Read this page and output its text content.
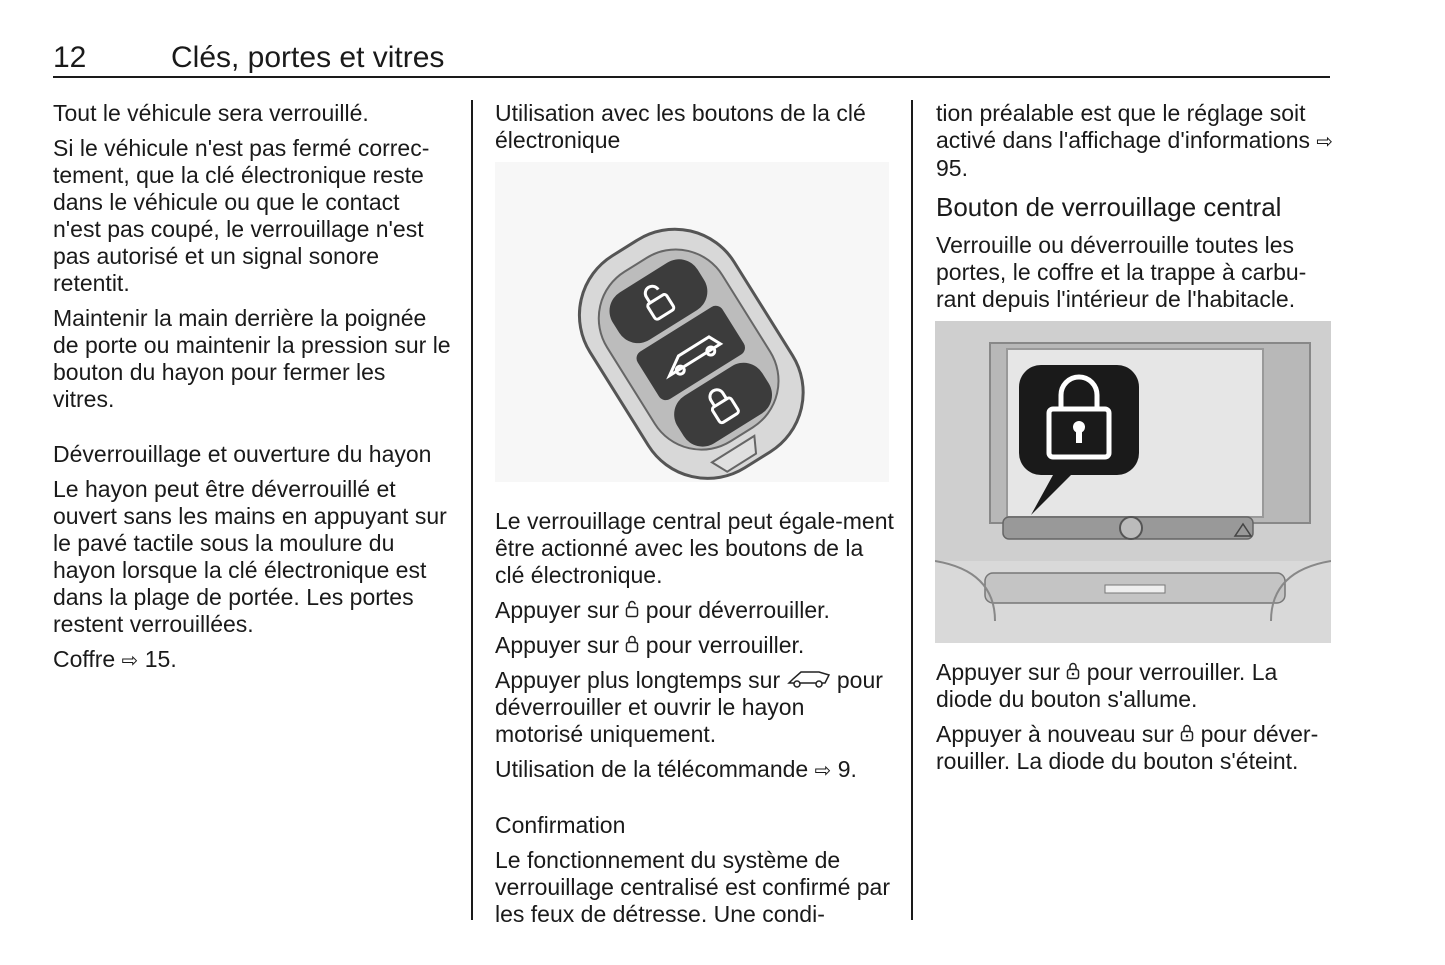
12	Clés, portes et vitres

Tout le véhicule sera verrouillé.

Si le véhicule n'est pas fermé correc-tement, que la clé électronique reste dans le véhicule ou que le contact n'est pas coupé, le verrouillage n'est pas autorisé et un signal sonore retentit.

Maintenir la main derrière la poignée de porte ou maintenir la pression sur le bouton du hayon pour fermer les vitres.

Déverrouillage et ouverture du hayon

Le hayon peut être déverrouillé et ouvert sans les mains en appuyant sur le pavé tactile sous la moulure du hayon lorsque la clé électronique est dans la plage de portée. Les portes restent verrouillées.

Coffre ⇨ 15.

Utilisation avec les boutons de la clé électronique

Le verrouillage central peut égale-ment être actionné avec les boutons de la clé électronique.

Appuyer sur pour déverrouiller.

Appuyer sur pour verrouiller.

Appuyer plus longtemps sur pour déverrouiller et ouvrir le hayon motorisé uniquement.

Utilisation de la télécommande ⇨ 9.

Confirmation

Le fonctionnement du système de verrouillage centralisé est confirmé par les feux de détresse. Une condi-

tion préalable est que le réglage soit activé dans l'affichage d'informations ⇨ 95.

Bouton de verrouillage central

Verrouille ou déverrouille toutes les portes, le coffre et la trappe à carbu-rant depuis l'intérieur de l'habitacle.

Appuyer sur pour verrouiller. La diode du bouton s'allume.

Appuyer à nouveau sur pour déver-rouiller. La diode du bouton s'éteint.
